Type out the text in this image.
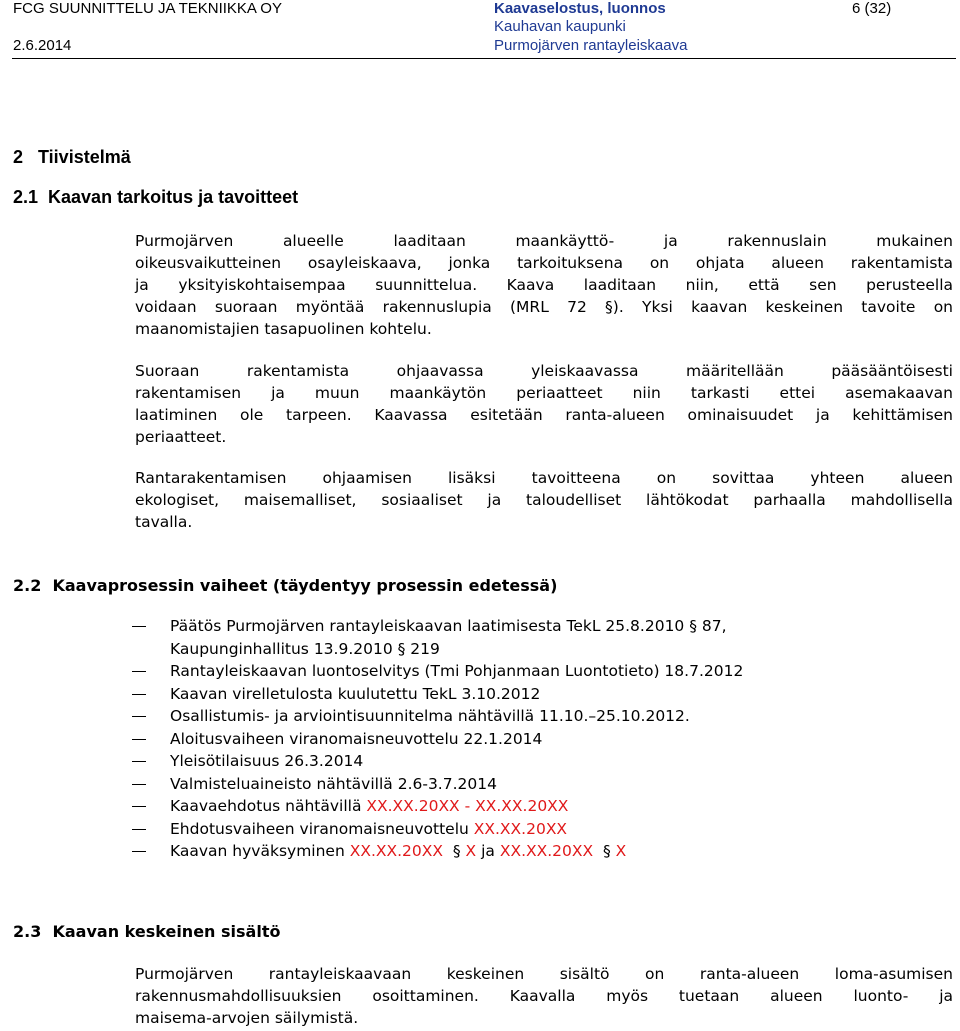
FCG SUUNNITTELU JA TEKNIIKKA OY
2.6.2014
Kaavaselostus, luonnos
Kauhavan kaupunki
Purmojärven rantayleiskaava
6 (32)
2   Tiivistelmä
2.1  Kaavan tarkoitus ja tavoitteet
Purmojärven	alueelle	laaditaan	maankäyttö-	ja	rakennuslain	mukainen
oikeusvaikutteinen osayleiskaava, jonka tarkoituksena on ohjata alueen rakentamista
ja yksityiskohtaisempaa suunnittelua. Kaava laaditaan niin, että sen perusteella
voidaan suoraan myöntää rakennuslupia (MRL 72 §). Yksi kaavan keskeinen tavoite on
maanomistajien tasapuolinen kohtelu.
Suoraan rakentamista ohjaavassa yleiskaavassa määritellään pääsääntöisesti
rakentamisen ja muun maankäytön periaatteet niin tarkasti ettei asemakaavan
laatiminen ole tarpeen. Kaavassa esitetään ranta-alueen ominaisuudet ja kehittämisen
periaatteet.
Rantarakentamisen ohjaamisen lisäksi tavoitteena on sovittaa yhteen alueen
ekologiset, maisemalliset, sosiaaliset ja taloudelliset lähtökodat parhaalla mahdollisella
tavalla.
2.2  Kaavaprosessin vaiheet (täydentyy prosessin edetessä)
Päätös Purmojärven rantayleiskaavan laatimisesta TekL 25.8.2010 § 87,
Kaupunginhallitus 13.9.2010 § 219
Rantayleiskaavan luontoselvitys (Tmi Pohjanmaan Luontotieto) 18.7.2012
Kaavan virelletulosta kuulutettu TekL 3.10.2012
Osallistumis- ja arviointisuunnitelma nähtävillä 11.10.–25.10.2012.
Aloitusvaiheen viranomaisneuvottelu 22.1.2014
Yleisötilaisuus 26.3.2014
Valmisteluaineisto nähtävillä 2.6-3.7.2014
Kaavaehdotus nähtävillä XX.XX.20XX - XX.XX.20XX
Ehdotusvaiheen viranomaisneuvottelu XX.XX.20XX
Kaavan hyväksyminen XX.XX.20XX  § X ja XX.XX.20XX  § X
2.3  Kaavan keskeinen sisältö
Purmojärven rantayleiskaavaan keskeinen sisältö on ranta-alueen loma-asumisen
rakennusmahdollisuuksien osoittaminen. Kaavalla myös tuetaan alueen luonto- ja
maisema-arvojen säilymistä.
